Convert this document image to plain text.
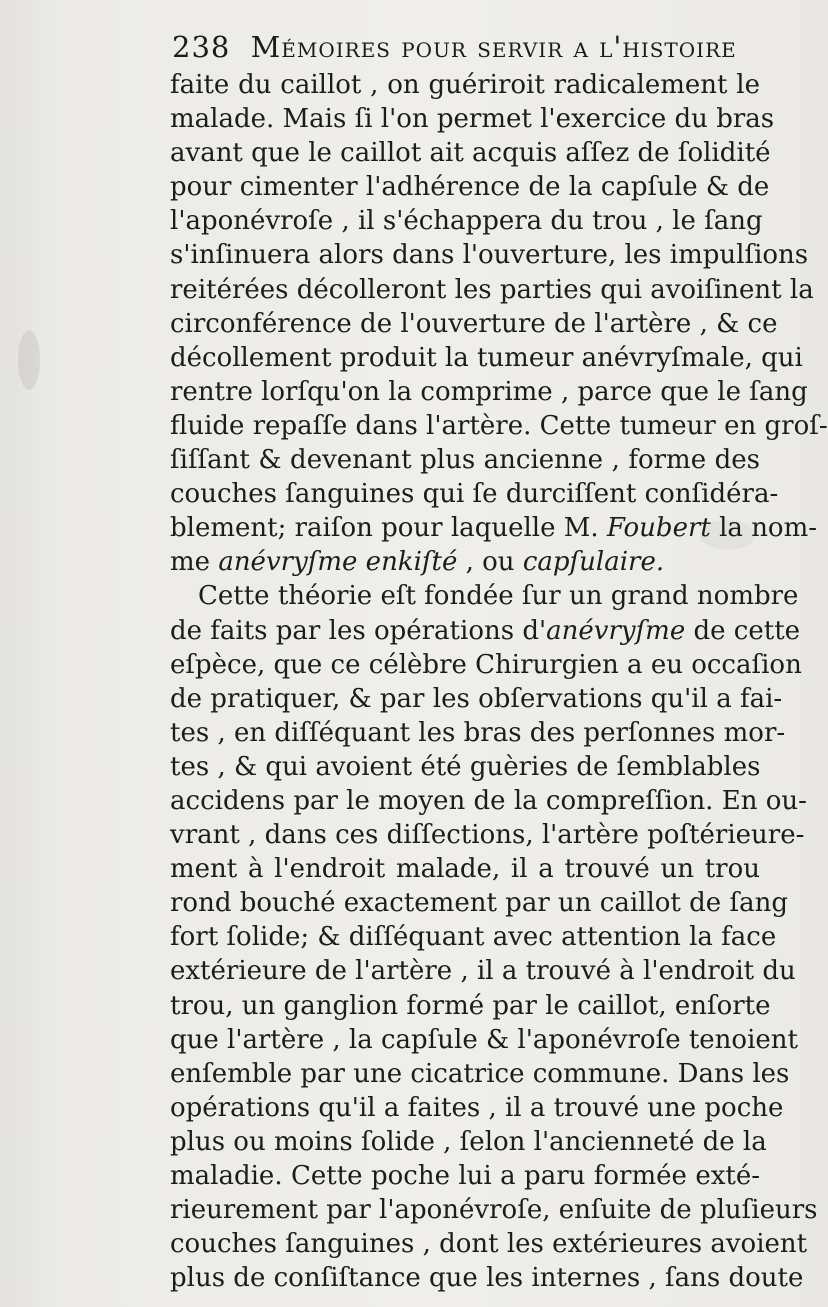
238 Mémoires pour servir a l'histoire
faite du caillot , on guériroit radicalement le
malade. Mais ſi l'on permet l'exercice du bras
avant que le caillot ait acquis aſſez de ſolidité
pour cimenter l'adhérence de la capſule & de
l'aponévroſe , il s'échappera du trou , le ſang
s'inſinuera alors dans l'ouverture, les impulſions
reitérées décolleront les parties qui avoiſinent la
circonférence de l'ouverture de l'artère , & ce
décollement produit la tumeur anévryſmale, qui
rentre lorſqu'on la comprime , parce que le ſang
fluide repaſſe dans l'artère. Cette tumeur en groſ-
ſiſſant & devenant plus ancienne , forme des
couches ſanguines qui ſe durciſſent conſidéra-
blement; raiſon pour laquelle M. Foubert la nom-
me anévryſme enkiſté , ou capſulaire.
Cette théorie eſt fondée ſur un grand nombre
de faits par les opérations d'anévryſme de cette
eſpèce, que ce célèbre Chirurgien a eu occaſion
de pratiquer, & par les obſervations qu'il a fai-
tes , en diſſéquant les bras des perſonnes mor-
tes , & qui avoient été guèries de ſemblables
accidens par le moyen de la compreſſion. En ou-
vrant , dans ces diſſections, l'artère poſtérieure-
ment à l'endroit malade, il a trouvé un trou
rond bouché exactement par un caillot de ſang
fort ſolide; & diſſéquant avec attention la face
extérieure de l'artère , il a trouvé à l'endroit du
trou, un ganglion formé par le caillot, enſorte
que l'artère , la capſule & l'aponévroſe tenoient
enſemble par une cicatrice commune. Dans les
opérations qu'il a faites , il a trouvé une poche
plus ou moins ſolide , ſelon l'ancienneté de la
maladie. Cette poche lui a paru formée exté-
rieurement par l'aponévroſe, enſuite de pluſieurs
couches ſanguines , dont les extérieures avoient
plus de conſiſtance que les internes , ſans doute
